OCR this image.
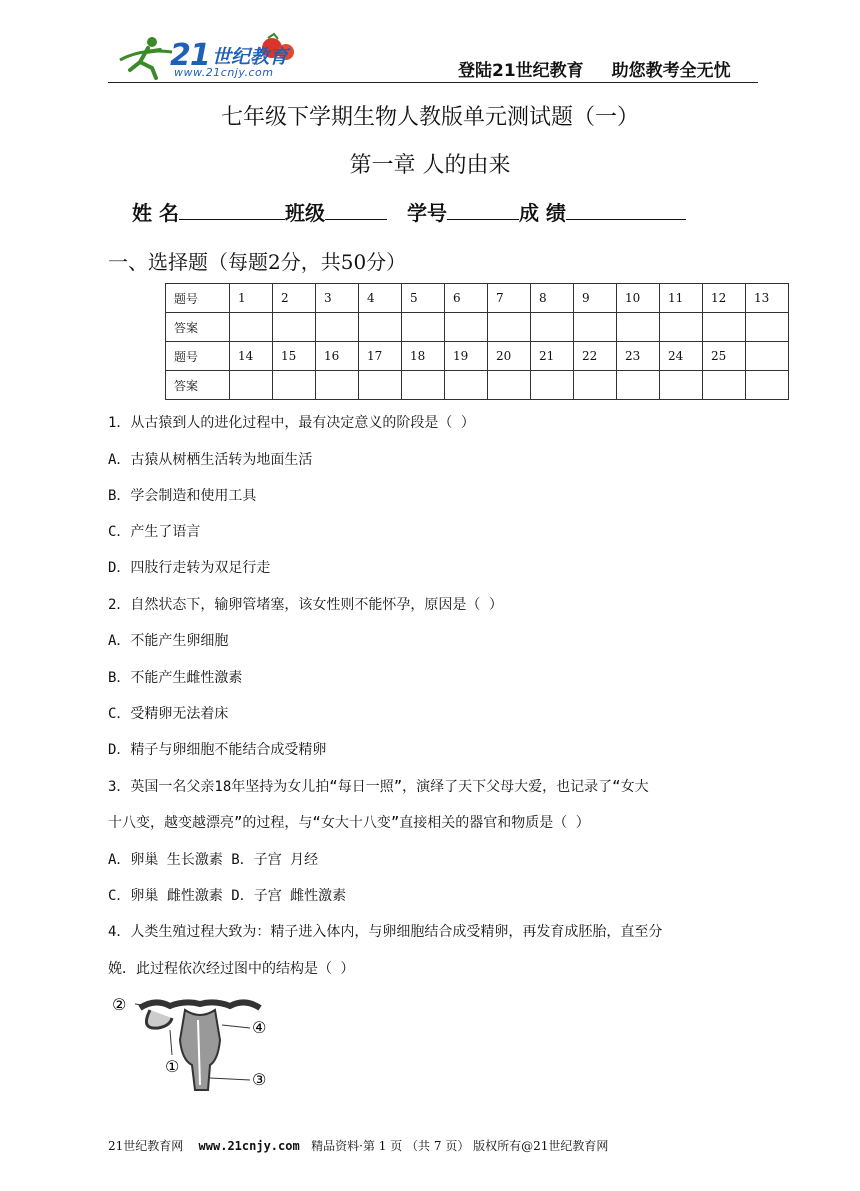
21 世纪教育
www.21cnjy.com	登陆21世纪教育 助您教考全无忧
七年级下学期生物人教版单元测试题（一）
第一章 人的由来
姓 名	班级	学号	成 绩
一、选择题（每题2分，共50分）
题号	1	2	3	4	5	6	7	8	9	10	11	12	13
答案													
题号	14	15	16	17	18	19	20	21	22	23	24	25	
答案													
1．从古猿到人的进化过程中，最有决定意义的阶段是（ ）
A．古猿从树栖生活转为地面生活
B．学会制造和使用工具
C．产生了语言
D．四肢行走转为双足行走
2．自然状态下，输卵管堵塞，该女性则不能怀孕，原因是（ ）
A．不能产生卵细胞
B．不能产生雌性激素
C．受精卵无法着床
D．精子与卵细胞不能结合成受精卵
3．英国一名父亲18年坚持为女儿拍“每日一照”，演绎了天下父母大爱，也记录了“女大
十八变，越变越漂亮”的过程，与“女大十八变”直接相关的器官和物质是（ ）
A．卵巢 生长激素 B．子宫 月经
C．卵巢 雌性激素 D．子宫 雌性激素
4．人类生殖过程大致为：精子进入体内，与卵细胞结合成受精卵，再发育成胚胎，直至分
娩．此过程依次经过图中的结构是（ ）
①
②
③
④
21世纪教育网 www.21cnjy.com 精品资料·第 1 页 （共 7 页） 版权所有@21世纪教育网
